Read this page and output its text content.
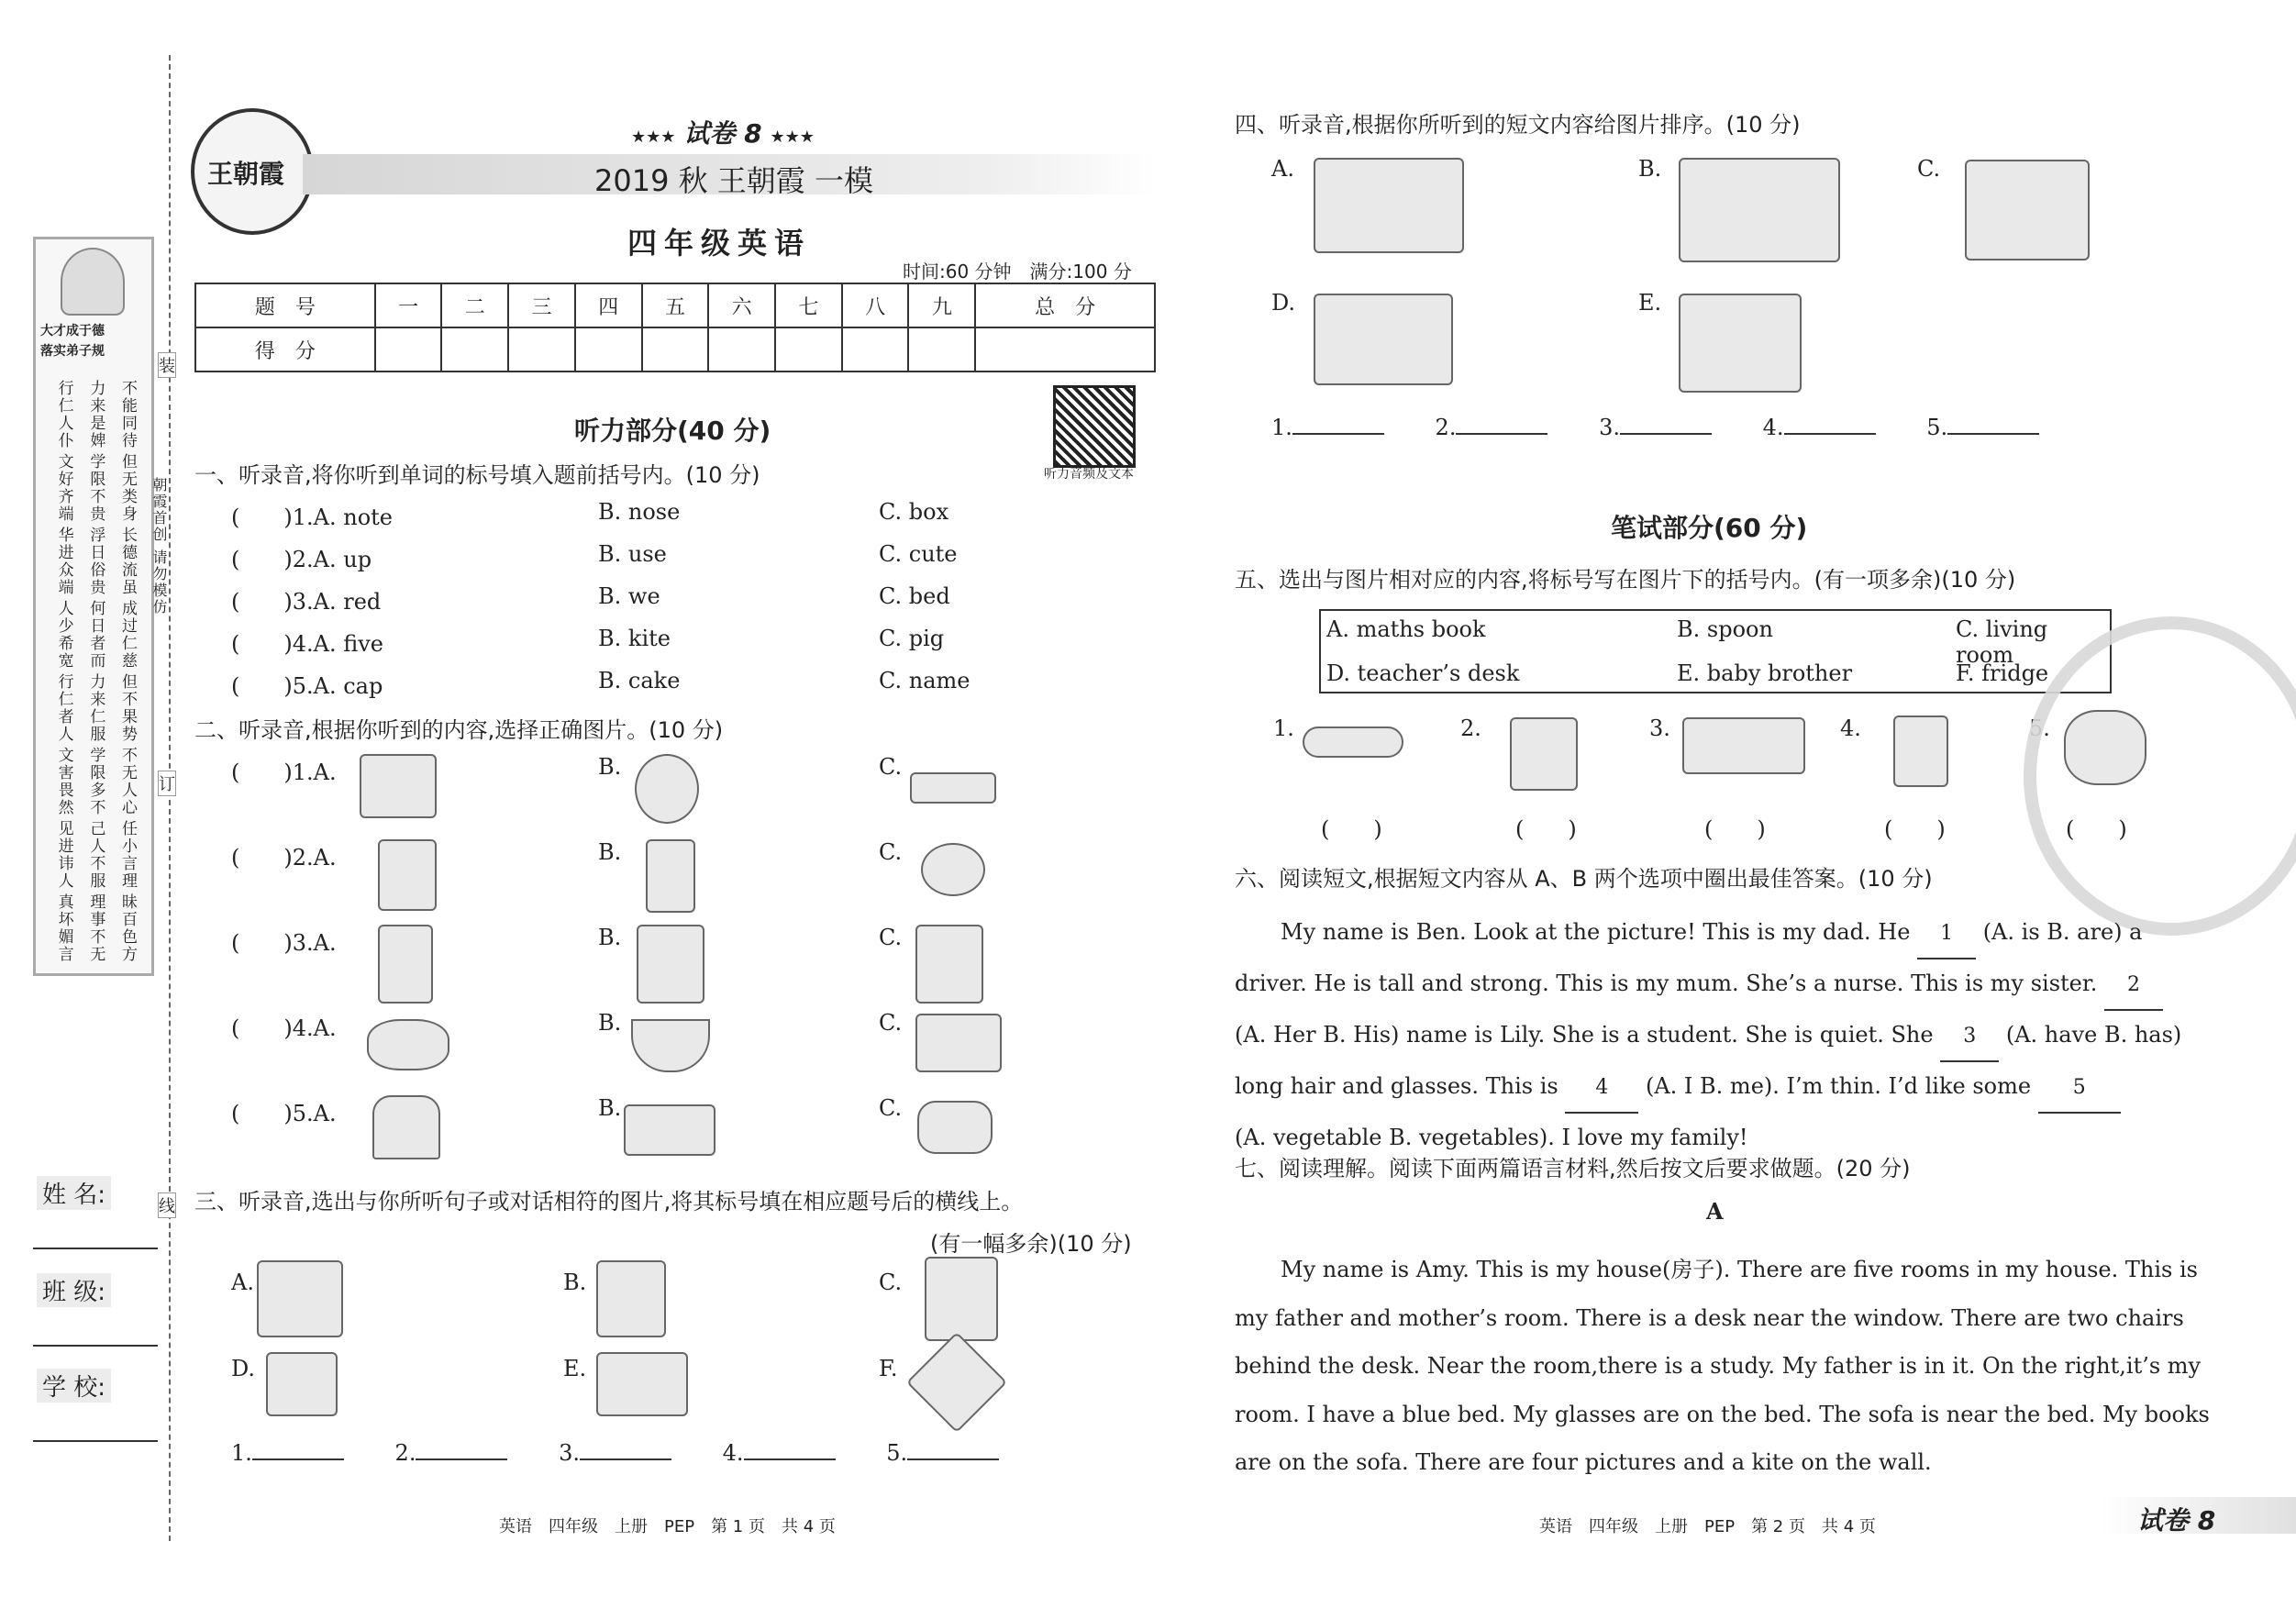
王朝霞
★★★ 试卷 8 ★★★
2019 秋 王朝霞 一模
四年级英语
时间:60 分钟　满分:100 分
题　号	一	二	三	四	五	六	七	八	九	总　分
得　分										
听力音频及文本
大才成于德
落实弟子规
不能同待
力来是婢
行仁人仆
但无类身
学限不贵
文好齐端
长德流虽
浮日俗贵
华进众端
成过仁慈
何日者而
人少希宽
但不果势
力来仁服
行仁者人
不无人心
学限多不
文害畏然
任小言理
己人不服
见进讳人
昧百色方
理事不无
真坏媚言
装
订
线
朝霞首创 请勿模仿
姓 名:
班 级:
学 校:
听力部分(40 分)
一、听录音,将你听到单词的标号填入题前括号内。(10 分)
(　　)1.A. note	B. nose	C. box
(　　)2.A. up	B. use	C. cute
(　　)3.A. red	B. we	C. bed
(　　)4.A. five	B. kite	C. pig
(　　)5.A. cap	B. cake	C. name
二、听录音,根据你听到的内容,选择正确图片。(10 分)
(　　)1.A.	B.	C.
(　　)2.A.	B.	C.
(　　)3.A.	B.	C.
(　　)4.A.	B.	C.
(　　)5.A.	B.	C.
三、听录音,选出与你所听句子或对话相符的图片,将其标号填在相应题号后的横线上。
(有一幅多余)(10 分)
A.	B.	C.
D.	E.	F.
1.	2.	3.	4.	5.
英语　四年级　上册　PEP　第 1 页　共 4 页
四、听录音,根据你所听到的短文内容给图片排序。(10 分)
A.	B.	C.
D.	E.
1.	2.	3.	4.	5.
笔试部分(60 分)
五、选出与图片相对应的内容,将标号写在图片下的括号内。(有一项多余)(10 分)
A. maths book	B. spoon	C. living room
D. teacher’s desk	E. baby brother	F. fridge
1.	2.	3.	4.	5.
(　　)	(　　)	(　　)	(　　)	(　　)
六、阅读短文,根据短文内容从 A、B 两个选项中圈出最佳答案。(10 分)
My name is Ben. Look at the picture! This is my dad. He 1 (A. is B. are) a
driver. He is tall and strong. This is my mum. She’s a nurse. This is my sister. 2
(A. Her B. His) name is Lily. She is a student. She is quiet. She 3 (A. have B. has)
long hair and glasses. This is 4 (A. I B. me). I’m thin. I’d like some 5
(A. vegetable B. vegetables). I love my family!
七、阅读理解。阅读下面两篇语言材料,然后按文后要求做题。(20 分)
A
My name is Amy. This is my house(房子). There are five rooms in my house. This is
my father and mother’s room. There is a desk near the window. There are two chairs
behind the desk. Near the room,there is a study. My father is in it. On the right,it’s my
room. I have a blue bed. My glasses are on the bed. The sofa is near the bed. My books
are on the sofa. There are four pictures and a kite on the wall.
英语　四年级　上册　PEP　第 2 页　共 4 页	试卷 8
